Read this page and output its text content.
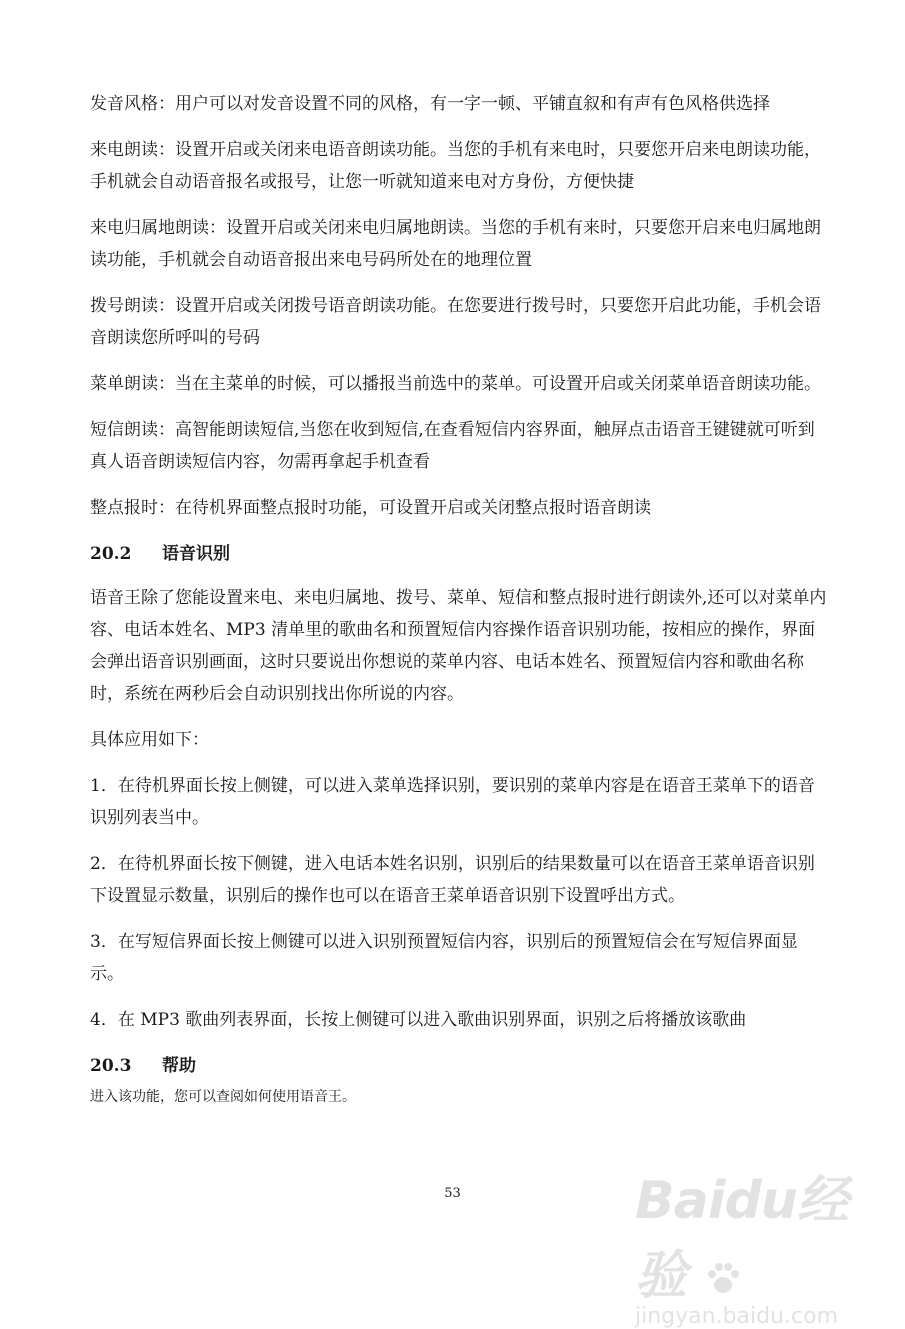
发音风格：用户可以对发音设置不同的风格，有一字一顿、平铺直叙和有声有色风格供选择

来电朗读：设置开启或关闭来电语音朗读功能。当您的手机有来电时，只要您开启来电朗读功能，手机就会自动语音报名或报号，让您一听就知道来电对方身份，方便快捷

来电归属地朗读：设置开启或关闭来电归属地朗读。当您的手机有来时，只要您开启来电归属地朗读功能，手机就会自动语音报出来电号码所处在的地理位置

拨号朗读：设置开启或关闭拨号语音朗读功能。在您要进行拨号时，只要您开启此功能，手机会语音朗读您所呼叫的号码

菜单朗读：当在主菜单的时候，可以播报当前选中的菜单。可设置开启或关闭菜单语音朗读功能。

短信朗读：高智能朗读短信,当您在收到短信,在查看短信内容界面，触屏点击语音王键键就可听到真人语音朗读短信内容，勿需再拿起手机查看

整点报时：在待机界面整点报时功能，可设置开启或关闭整点报时语音朗读

20.2	语音识别

语音王除了您能设置来电、来电归属地、拨号、菜单、短信和整点报时进行朗读外,还可以对菜单内容、电话本姓名、MP3 清单里的歌曲名和预置短信内容操作语音识别功能，按相应的操作，界面会弹出语音识别画面，这时只要说出你想说的菜单内容、电话本姓名、预置短信内容和歌曲名称时，系统在两秒后会自动识别找出你所说的内容。

具体应用如下：

1．在待机界面长按上侧键，可以进入菜单选择识别，要识别的菜单内容是在语音王菜单下的语音识别列表当中。

2．在待机界面长按下侧键，进入电话本姓名识别，识别后的结果数量可以在语音王菜单语音识别下设置显示数量，识别后的操作也可以在语音王菜单语音识别下设置呼出方式。

3．在写短信界面长按上侧键可以进入识别预置短信内容，识别后的预置短信会在写短信界面显示。

4．在 MP3 歌曲列表界面，长按上侧键可以进入歌曲识别界面，识别之后将播放该歌曲

20.3	帮助

进入该功能，您可以查阅如何使用语音王。

53	Baidu经验
jingyan.baidu.com
